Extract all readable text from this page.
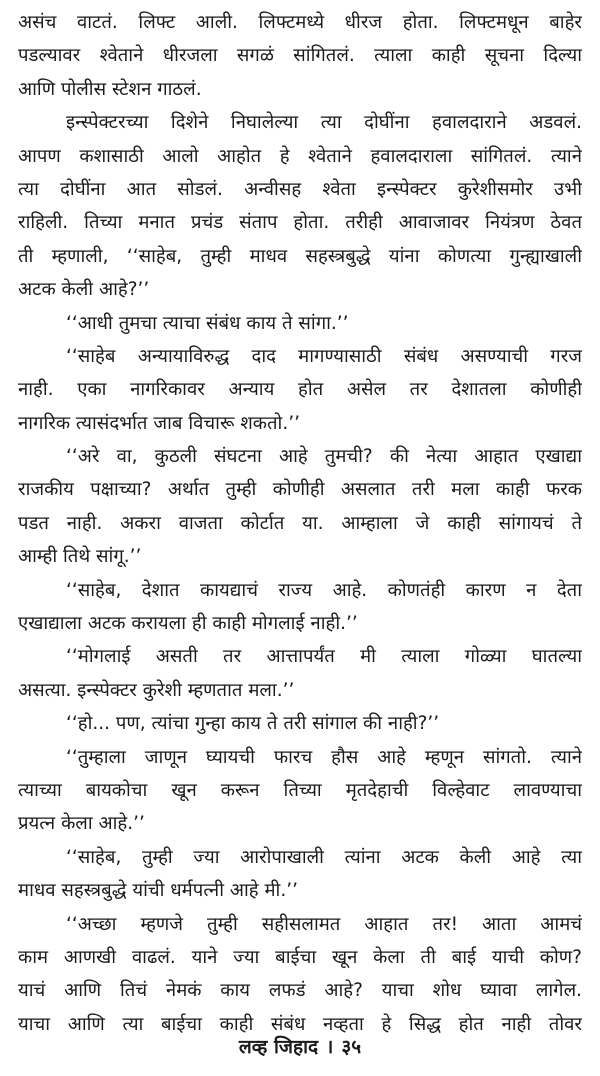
असंच वाटतं. लिफ्ट आली. लिफ्टमध्ये धीरज होता. लिफ्टमधून बाहेर
पडल्यावर श्वेताने धीरजला सगळं सांगितलं. त्याला काही सूचना दिल्या
आणि पोलीस स्टेशन गाठलं.
इन्स्पेक्टरच्या दिशेने निघालेल्या त्या दोघींना हवालदाराने अडवलं.
आपण कशासाठी आलो आहोत हे श्वेताने हवालदाराला सांगितलं. त्याने
त्या दोघींना आत सोडलं. अन्वीसह श्वेता इन्स्पेक्टर कुरेशीसमोर उभी
राहिली. तिच्या मनात प्रचंड संताप होता. तरीही आवाजावर नियंत्रण ठेवत
ती म्हणाली, ‘‘साहेब, तुम्ही माधव सहस्त्रबुद्धे यांना कोणत्या गुन्ह्याखाली
अटक केली आहे?’’
‘‘आधी तुमचा त्याचा संबंध काय ते सांगा.’’
‘‘साहेब अन्यायाविरुद्ध दाद मागण्यासाठी संबंध असण्याची गरज
नाही. एका नागरिकावर अन्याय होत असेल तर देशातला कोणीही
नागरिक त्यासंदर्भात जाब विचारू शकतो.’’
‘‘अरे वा, कुठली संघटना आहे तुमची? की नेत्या आहात एखाद्या
राजकीय पक्षाच्या? अर्थात तुम्ही कोणीही असलात तरी मला काही फरक
पडत नाही. अकरा वाजता कोर्टात या. आम्हाला जे काही सांगायचं ते
आम्ही तिथे सांगू.’’
‘‘साहेब, देशात कायद्याचं राज्य आहे. कोणतंही कारण न देता
एखाद्याला अटक करायला ही काही मोगलाई नाही.’’
‘‘मोगलाई असती तर आत्तापर्यंत मी त्याला गोळ्या घातल्या
असत्या. इन्स्पेक्टर कुरेशी म्हणतात मला.’’
‘‘हो... पण, त्यांचा गुन्हा काय ते तरी सांगाल की नाही?’’
‘‘तुम्हाला जाणून घ्यायची फारच हौस आहे म्हणून सांगतो. त्याने
त्याच्या बायकोचा खून करून तिच्या मृतदेहाची विल्हेवाट लावण्याचा
प्रयत्न केला आहे.’’
‘‘साहेब, तुम्ही ज्या आरोपाखाली त्यांना अटक केली आहे त्या
माधव सहस्त्रबुद्धे यांची धर्मपत्नी आहे मी.’’
‘‘अच्छा म्हणजे तुम्ही सहीसलामत आहात तर! आता आमचं
काम आणखी वाढलं. याने ज्या बाईचा खून केला ती बाई याची कोण?
याचं आणि तिचं नेमकं काय लफडं आहे? याचा शोध घ्यावा लागेल.
याचा आणि त्या बाईचा काही संबंध नव्हता हे सिद्ध होत नाही तोवर
लव्ह जिहाद । ३५
